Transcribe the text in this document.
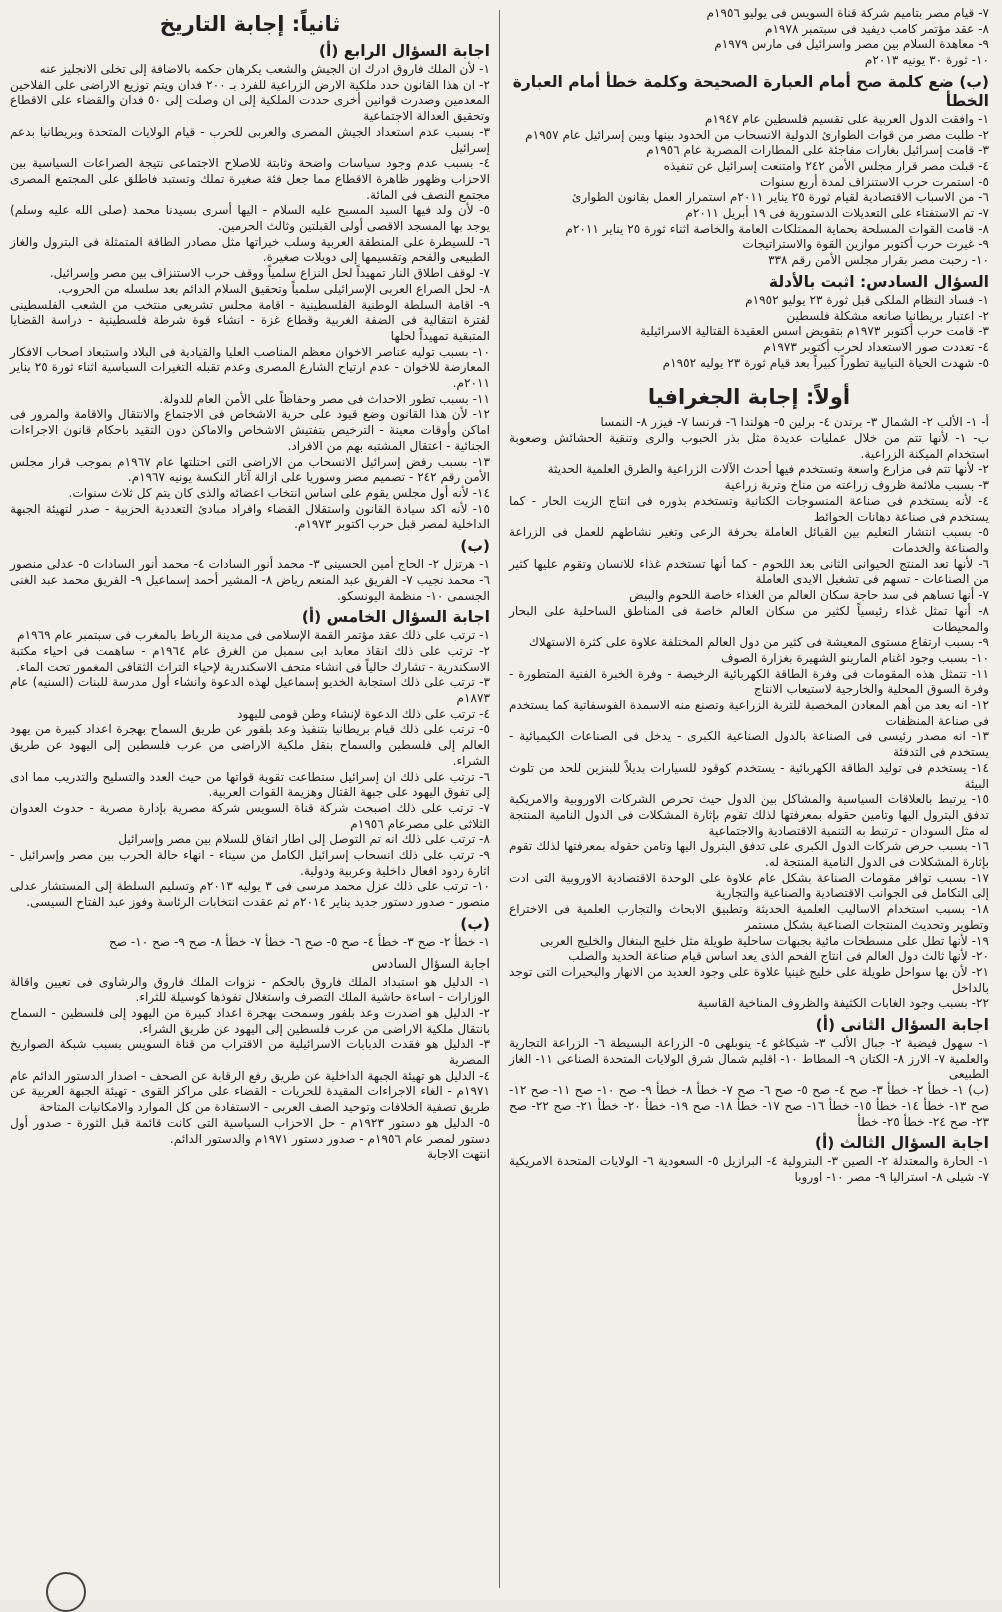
٧- قيام مصر بتاميم شركة قناة السويس فى يوليو ١٩٥٦م

٨- عقد مؤتمر كامب ديفيد فى سبتمبر ١٩٧٨م

٩- معاهدة السلام بين مصر واسرائيل فى مارس ١٩٧٩م

١٠- ثورة ٣٠ يونيه ٢٠١٣م

(ب) ضع كلمة صح أمام العبارة الصحيحة وكلمة خطأ أمام العبارة الخطأ

١- وافقت الدول العربية على تقسيم فلسطين عام ١٩٤٧م

٢- طلبت مصر من قوات الطوارئ الدولية الانسحاب من الحدود بينها وبين إسرائيل عام ١٩٥٧م

٣- قامت إسرائيل بغارات مفاجئة على المطارات المصرية عام ١٩٥٦م

٤- قبلت مصر قرار مجلس الأمن ٢٤٢ وامتنعت إسرائيل عن تنفيذه

٥- استمرت حرب الاستنزاف لمدة أربع سنوات

٦- من الاسباب الاقتصادية لقيام ثورة ٢٥ يناير ٢٠١١م استمرار العمل بقانون الطوارئ

٧- تم الاستفتاء على التعديلات الدستورية فى ١٩ أبريل ٢٠١١م

٨- قامت القوات المسلحة بحماية الممتلكات العامة والخاصة اثناء ثورة ٢٥ يناير ٢٠١١م

٩- غيرت حرب أكتوبر موازين القوة والاستراتيجات

١٠- رحبت مصر بقرار مجلس الأمن رقم ٣٣٨

السؤال السادس: اثبت بالأدلة

١- فساد النظام الملكى قبل ثورة ٢٣ يوليو ١٩٥٢م

٢- اعتبار بريطانيا صانعه مشكلة فلسطين

٣- قامت حرب أكتوبر ١٩٧٣م بتقويض اسس العقيدة القتالية الاسرائيلية

٤- تعددت صور الاستعداد لحرب أكتوبر ١٩٧٣م

٥- شهدت الحياة النيابية تطوراً كبيراً بعد قيام ثورة ٢٣ يوليه ١٩٥٢م

أولاً: إجابة الجغرافيا

أ- ١- الألب ٢- الشمال ٣- برندن ٤- برلين ٥- هولندا ٦- فرنسا ٧- فيزر ٨- النمسا

ب- ١- لأنها تتم من خلال عمليات عديدة مثل بذر الحبوب والرى وتنقية الحشائش وصعوبة استخدام الميكنة الزراعية.

٢- لأنها تتم فى مزارع واسعة وتستخدم فيها أحدث الآلات الزراعية والطرق العلمية الحديثة

٣- بسبب ملائمة ظروف زراعته من مناخ وتربة زراعية

٤- لأنه يستخدم فى صناعة المنسوجات الكتانية وتستخدم بذوره فى انتاج الزيت الحار - كما يستخدم فى صناعة دهانات الحوائط

٥- بسبب انتشار التعليم بين القبائل العاملة بحرفة الرعى وتغير نشاطهم للعمل فى الزراعة والصناعة والخدمات

٦- لأنها تعد المنتج الحيوانى الثانى بعد اللحوم - كما أنها تستخدم غذاء للانسان وتقوم عليها كثير من الصناعات - تسهم فى تشغيل الايدى العاملة

٧- أنها تساهم فى سد حاجة سكان العالم من الغذاء خاصة اللحوم والبيض

٨- أنها تمثل غذاء رئيسياً لكثير من سكان العالم خاصة فى المناطق الساحلية على البحار والمحيطات

٩- بسبب ارتفاع مستوى المعيشة فى كثير من دول العالم المختلفة علاوة على كثرة الاستهلاك

١٠- بسبب وجود اغنام المارينو الشهيرة بغزارة الصوف

١١- تتمثل هذه المقومات فى وفرة الطاقة الكهربائية الرخيصة - وفرة الخبرة الفنية المتطورة - وفرة السوق المحلية والخارجية لاستيعاب الانتاج

١٢- انه يعد من أهم المعادن المخصبة للتربة الزراعية وتصنع منه الاسمدة الفوسفاتية كما يستخدم فى صناعة المنظفات

١٣- انه مصدر رئيسى فى الصناعة بالدول الصناعية الكبرى - يدخل فى الصناعات الكيميائية - يستخدم فى التدفئة

١٤- يستخدم فى توليد الطاقة الكهربائية - يستخدم كوقود للسيارات بديلاً للبنزين للحد من تلوث البيئة

١٥- يرتبط بالعلاقات السياسية والمشاكل بين الدول حيث تحرص الشركات الاوروبية والامريكية تدفق البترول اليها وتامين حقوله بمعرفتها لذلك تقوم بإثارة المشكلات فى الدول النامية المنتجة له مثل السودان - ترتبط به التنمية الاقتصادية والاجتماعية

١٦- بسبب حرص شركات الدول الكبرى على تدفق البترول اليها وتامن حقوله بمعرفتها لذلك تقوم بإثارة المشكلات فى الدول النامية المنتجة له.

١٧- بسبب توافر مقومات الصناعة بشكل عام علاوة على الوحدة الاقتصادية الاوروبية التى ادت إلى التكامل فى الجوانب الاقتصادية والصناعية والتجارية

١٨- بسبب استخدام الاساليب العلمية الحديثة وتطبيق الابحاث والتجارب العلمية فى الاختراع وتطوير وتحديث المنتجات الصناعية بشكل مستمر

١٩- لأنها تطل على مسطحات مائية بجبهات ساحلية طويلة مثل خليج البنغال والخليج العربى

٢٠- لأنها ثالث دول العالم فى انتاج الفحم الذى يعد اساس قيام صناعة الحديد والصلب

٢١- لأن بها سواحل طويلة على خليج غينيا علاوة على وجود العديد من الانهار والبحيرات التى توجد بالداخل

٢٢- بسبب وجود الغابات الكثيفة والظروف المناخية القاسية

اجابة السؤال الثانى (أ)

١- سهول فيضية ٢- جبال الألب ٣- شيكاغو ٤- ينوبلهى ٥- الزراعة البسيطة ٦- الزراعة التجارية والعلمية ٧- الارز ٨- الكتان ٩- المطاط ١٠- اقليم شمال شرق الولايات المتحدة الصناعى ١١- الغاز الطبيعى

(ب) ١- خطأ ٢- خطأ ٣- صح ٤- صح ٥- صح ٦- صح ٧- خطأ ٨- خطأ ٩- صح ١٠- صح ١١- صح ١٢- صح ١٣- خطأ ١٤- خطأ ١٥- خطأ ١٦- صح ١٧- خطأ ١٨- صح ١٩- خطأ ٢٠- خطأ ٢١- صح ٢٢- صح ٢٣- صح ٢٤- خطأ ٢٥- خطأ

اجابة السؤال الثالث (أ)

١- الحارة والمعتدلة ٢- الصين ٣- البترولية ٤- البرازيل ٥- السعودية ٦- الولايات المتحدة الامريكية ٧- شيلى ٨- استراليا ٩- مصر ١٠- اوروبا

ثانياً: إجابة التاريخ
اجابة السؤال الرابع (أ)

١- لأن الملك فاروق ادرك ان الجيش والشعب يكرهان حكمه بالاضافة إلى تخلى الانجليز عنه

٢- ان هذا القانون حدد ملكية الارض الزراعية للفرد بـ ٢٠٠ فدان ويتم توزيع الاراضى على الفلاحين المعدمين وصدرت قوانين أخرى حددت الملكية إلى ان وصلت إلى ٥٠ فدان والقضاء على الاقطاع وتحقيق العدالة الاجتماعية

٣- بسبب عدم استعداد الجيش المصرى والعربى للحرب - قيام الولايات المتحدة وبريطانيا بدعم إسرائيل

٤- بسبب عدم وجود سياسات واضحة وثابتة للاصلاح الاجتماعى نتيجة الصراعات السياسية بين الاحزاب وظهور ظاهرة الاقطاع مما جعل فئة صغيرة تملك وتستبد فاطلق على المجتمع المصرى مجتمع النصف فى المائة.

٥- لأن ولد فيها السيد المسيح عليه السلام - اليها أسرى بسيدنا محمد (صلى الله عليه وسلم) يوجد بها المسجد الاقصى أولى القبلتين وثالث الحرمين.

٦- للسيطرة على المنطقة العربية وسلب خيراتها مثل مصادر الطاقة المتمثلة فى البترول والغاز الطبيعى والفحم وتقسيمها إلى دويلات صغيرة.

٧- لوقف اطلاق النار تمهيداً لحل النزاع سلمياً ووقف حرب الاستنزاف بين مصر وإسرائيل.

٨- لحل الصراع العربى الإسرائيلى سلمياً وتحقيق السلام الدائم بعد سلسله من الحروب.

٩- اقامة السلطة الوطنية الفلسطينية - اقامة مجلس تشريعى منتخب من الشعب الفلسطينى لفترة انتقالية فى الضفة الغربية وقطاع غزة - انشاء قوة شرطة فلسطينية - دراسة القضايا المتبقية تمهيداً لحلها

١٠- بسبب توليه عناصر الاخوان معظم المناصب العليا والقيادية فى البلاد واستبعاد اصحاب الافكار المعارضة للاخوان - عدم ارتياح الشارع المصرى وعدم تقبله التغيرات السياسية اثناء ثورة ٢٥ يناير ٢٠١١م.

١١- بسبب تطور الاحداث فى مصر وحفاظاً على الأمن العام للدولة.

١٢- لأن هذا القانون وضع قيود على حرية الاشخاص فى الاجتماع والانتقال والاقامة والمرور فى اماكن وأوقات معينة - الترخيص بتفتيش الاشخاص والاماكن دون التقيد باحكام قانون الاجراءات الجنائية - اعتقال المشتبه بهم من الافراد.

١٣- بسبب رفض إسرائيل الانسحاب من الاراضى التى احتلتها عام ١٩٦٧م بموجب قرار مجلس الأمن رقم ٢٤٢ - تصميم مصر وسوريا على ازالة آثار النكسة يونيه ١٩٦٧م.

١٤- لأنه أول مجلس يقوم على اساس انتخاب اعضائه والذى كان يتم كل ثلاث سنوات.

١٥- لأنه اكد سيادة القانون واستقلال القضاء وافراد مبادئ التعددية الحزبية - صدر لتهيئة الجبهة الداخلية لمصر قبل حرب اكتوبر ١٩٧٣م.

(ب)

١- هرتزل ٢- الحاج أمين الحسينى ٣- محمد أنور السادات ٤- محمد أنور السادات ٥- عدلى منصور ٦- محمد نجيب ٧- الفريق عبد المنعم رياض ٨- المشير أحمد إسماعيل ٩- الفريق محمد عبد الغنى الجسمى ١٠- منظمة اليونسكو.

اجابة السؤال الخامس (أ)

١- ترتب على ذلك عقد مؤتمر القمة الإسلامى فى مدينة الرباط بالمغرب فى سبتمبر عام ١٩٦٩م

٢- ترتب على ذلك انقاذ معابد ابى سمبل من الغرق عام ١٩٦٤م - ساهمت فى احياء مكتبة الاسكندرية - تشارك حالياً فى انشاء متحف الاسكندرية لإحياء التراث الثقافى المغمور تحت الماء.

٣- ترتب على ذلك استجابة الخديو إسماعيل لهذه الدعوة وانشاء أول مدرسة للبنات (السنيه) عام ١٨٧٣م

٤- ترتب على ذلك الدعوة لإنشاء وطن قومى لليهود

٥- ترتب على ذلك قيام بريطانيا بتنفيذ وعد بلفور عن طريق السماح بهجرة اعداد كبيرة من يهود العالم إلى فلسطين والسماح بنقل ملكية الاراضى من عرب فلسطين إلى اليهود عن طريق الشراء.

٦- ترتب على ذلك ان إسرائيل ستطاعت تقوية قواتها من حيث العدد والتسليح والتدريب مما ادى إلى تفوق اليهود على جبهة القتال وهزيمة القوات العربية.

٧- ترتب على ذلك اصبحت شركة قناة السويس شركة مصرية بإدارة مصرية - حدوث العدوان الثلاثى على مصرعام ١٩٥٦م

٨- ترتب على ذلك انه تم التوصل إلى اطار اتفاق للسلام بين مصر وإسرائيل

٩- ترتب على ذلك انسحاب إسرائيل الكامل من سيناء - انهاء حالة الحرب بين مصر وإسرائيل - اثارة ردود افعال داخلية وعربية ودولية.

١٠- ترتب على ذلك عزل محمد مرسى فى ٣ يوليه ٢٠١٣م وتسليم السلطة إلى المستشار عدلى منصور - صدور دستور جديد يناير ٢٠١٤م ثم عقدت انتخابات الرئاسة وفوز عبد الفتاح السيسى.

(ب)

١- خطأ ٢- صح ٣- خطأ ٤- صح ٥- صح ٦- خطأ ٧- خطأ ٨- صح ٩- صح ١٠- صح

اجابة السؤال السادس

١- الدليل هو استبداد الملك فاروق بالحكم - نزوات الملك فاروق والرشاوى فى تعيين واقالة الوزارات - اساءة حاشية الملك التصرف واستغلال نفوذها كوسيلة للثراء.

٢- الدليل هو اصدرت وعد بلفور وسمحت بهجرة اعداد كبيرة من اليهود إلى فلسطين - السماح بانتقال ملكية الاراضى من عرب فلسطين إلى اليهود عن طريق الشراء.

٣- الدليل هو فقدت الدبابات الاسرائيلية من الاقتراب من قناة السويس بسبب شبكة الصواريخ المصرية

٤- الدليل هو تهيئة الجبهة الداخلية عن طريق رفع الرقابة عن الصحف - اصدار الدستور الدائم عام ١٩٧١م - الغاء الاجراءات المقيدة للحريات - القضاء على مراكز القوى - تهيئة الجبهة العربية عن طريق تصفية الخلافات وتوحيد الصف العربى - الاستفادة من كل الموارد والامكانيات المتاحة

٥- الدليل هو دستور ١٩٢٣م - حل الاحزاب السياسية التى كانت قائمة قبل الثورة - صدور أول دستور لمصر عام ١٩٥٦م - صدور دستور ١٩٧١م والدستور الدائم.

انتهت الاجابة
